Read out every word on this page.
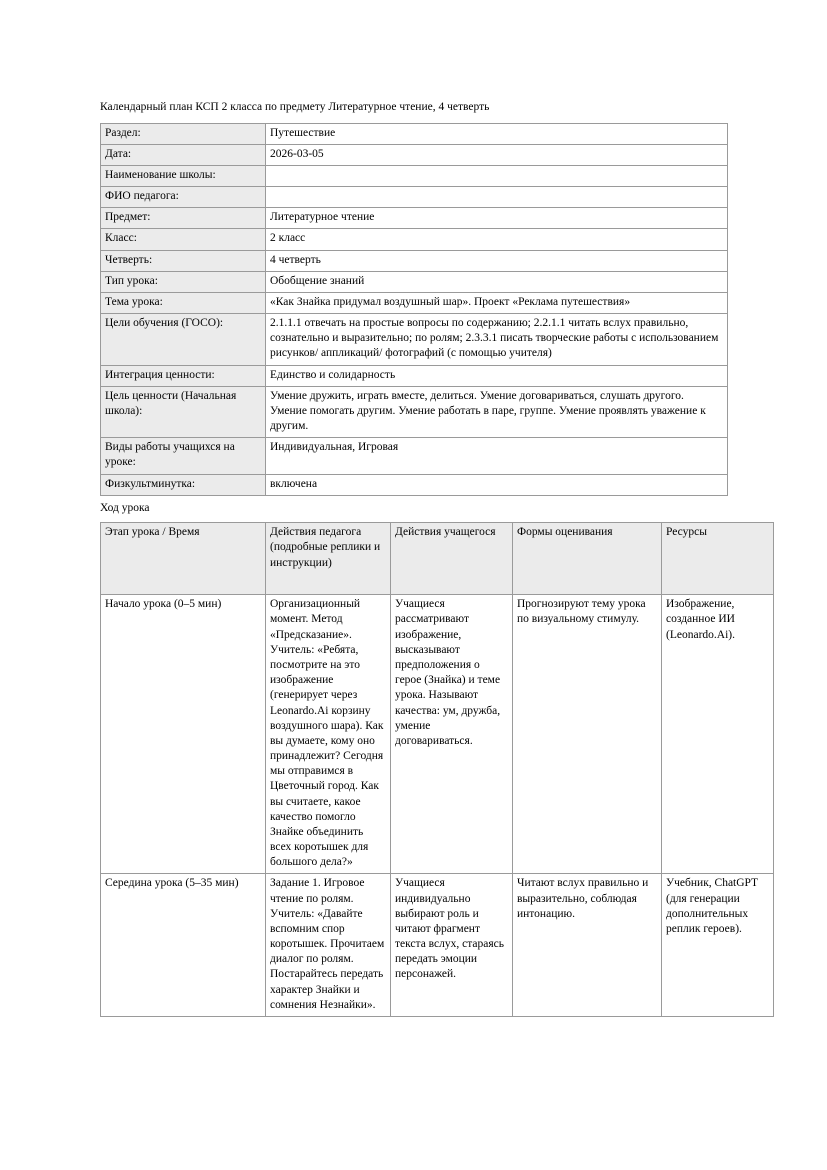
Календарный план КСП 2 класса по предмету Литературное чтение, 4 четверть
Раздел:	Путешествие
Дата:	2026-03-05
Наименование школы:	
ФИО педагога:	
Предмет:	Литературное чтение
Класс:	2 класс
Четверть:	4 четверть
Тип урока:	Обобщение знаний
Тема урока:	«Как Знайка придумал воздушный шар». Проект «Реклама путешествия»
Цели обучения (ГОСО):	2.1.1.1 отвечать на простые вопросы по содержанию; 2.2.1.1 читать вслух правильно, сознательно и выразительно; по ролям; 2.3.3.1 писать творческие работы с использованием рисунков/ аппликаций/ фотографий (с помощью учителя)
Интеграция ценности:	Единство и солидарность
Цель ценности (Начальная школа):	Умение дружить, играть вместе, делиться. Умение договариваться, слушать другого. Умение помогать другим. Умение работать в паре, группе. Умение проявлять уважение к другим.
Виды работы учащихся на уроке:	Индивидуальная, Игровая
Физкультминутка:	включена
Ход урока
Этап урока / Время	Действия педагога (подробные реплики и инструкции)	Действия учащегося	Формы оценивания	Ресурсы
Начало урока (0–5 мин)	Организационный момент. Метод «Предсказание». Учитель: «Ребята, посмотрите на это изображение (генерирует через Leonardo.Ai корзину воздушного шара). Как вы думаете, кому оно принадлежит? Сегодня мы отправимся в Цветочный город. Как вы считаете, какое качество помогло Знайке объединить всех коротышек для большого дела?»	Учащиеся рассматривают изображение, высказывают предположения о герое (Знайка) и теме урока. Называют качества: ум, дружба, умение договариваться.	Прогнозируют тему урока по визуальному стимулу.	Изображение, созданное ИИ (Leonardo.Ai).
Середина урока (5–35 мин)	Задание 1. Игровое чтение по ролям. Учитель: «Давайте вспомним спор коротышек. Прочитаем диалог по ролям. Постарайтесь передать характер Знайки и сомнения Незнайки».	Учащиеся индивидуально выбирают роль и читают фрагмент текста вслух, стараясь передать эмоции персонажей.	Читают вслух правильно и выразительно, соблюдая интонацию.	Учебник, ChatGPT (для генерации дополнительных реплик героев).
